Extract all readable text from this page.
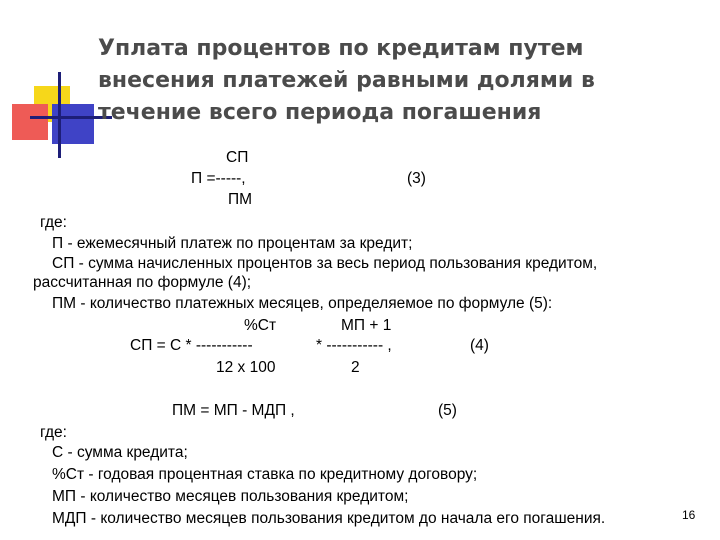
Уплата процентов по кредитам путем
внесения платежей равными долями в
течение всего периода погашения
СП
П =-----,	(3)
ПМ
где:
П - ежемесячный платеж по процентам за кредит;
СП - сумма начисленных процентов за весь период пользования кредитом,
рассчитанная по формуле (4);
ПМ - количество платежных месяцев, определяемое по формуле (5):
%Ст	МП + 1
СП = С * -----------	* ----------- ,	(4)
12 х 100	2
ПМ = МП - МДП ,	(5)
где:
С - сумма кредита;
%Ст - годовая процентная ставка по кредитному договору;
МП - количество месяцев пользования кредитом;
МДП - количество месяцев пользования кредитом до начала его погашения.	16
